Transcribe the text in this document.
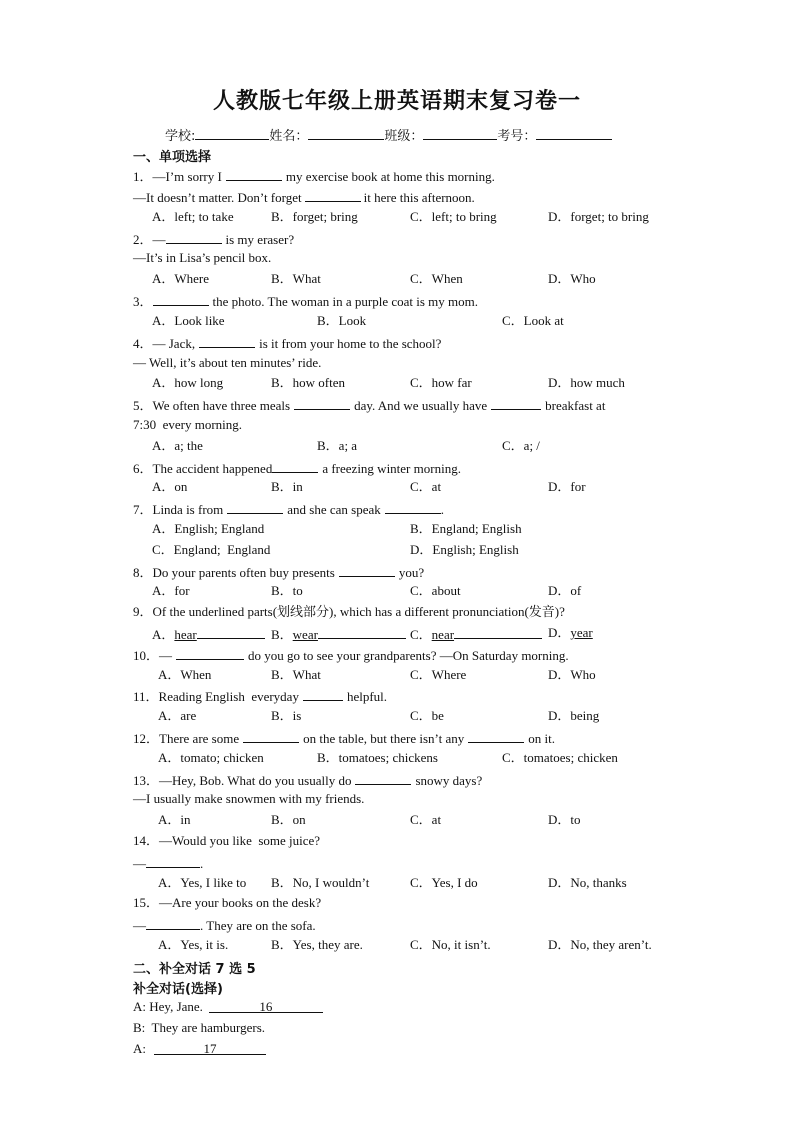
人教版七年级上册英语期末复习卷一
学校:	姓名：	班级：	考号：
一、单项选择
1．—I’m sorry I	my exercise book at home this morning.
—It doesn’t matter. Don’t forget	it here this afternoon.
A．left; to take	B．forget; bring	C．left; to bring	D．forget; to bring
2．—	is my eraser?
—It’s in Lisa’s pencil box.
A．Where	B．What	C．When	D．Who
3．	the photo. The woman in a purple coat is my mom.
A．Look like	B．Look	C．Look at
4．— Jack,	is it from your home to the school?
— Well, it’s about ten minutes’ ride.
A．how long	B．how often	C．how far	D．how much
5．We often have three meals	day. And we usually have	breakfast at
7:30  every morning.
A．a; the	B．a; a	C．a; /
6．The accident happened	a freezing winter morning.
A．on	B．in	C．at	D．for
7．Linda is from	and she can speak	.
A．English; England	B．England; English
C．England;  England	D．English; English
8．Do your parents often buy presents	you?
A．for	B．to	C．about	D．of
9．Of the underlined parts(划线部分), which has a different pronunciation(发音)?
A．hear	B．wear	C．near	D．year
10．—	do you go to see your grandparents? —On Saturday morning.
A．When	B．What	C．Where	D．Who
11．Reading English  everyday	helpful.
A．are	B．is	C．be	D．being
12．There are some	on the table, but there isn’t any	on it.
A．tomato; chicken	B．tomatoes; chickens	C．tomatoes; chicken
13．—Hey, Bob. What do you usually do	snowy days?
—I usually make snowmen with my friends.
A．in	B．on	C．at	D．to
14．—Would you like  some juice?
—	.
A．Yes, I like to B．No, I wouldn’t	C．Yes, I do	D．No, thanks
15．—Are your books on the desk?
—	. They are on the sofa.
A．Yes, it is.	B．Yes, they are.	C．No, it isn’t.	D．No, they aren’t.
二、补全对话 7 选 5
补全对话(选择)
A: Hey, Jane.	16
B:  They are hamburgers.
A:	17
